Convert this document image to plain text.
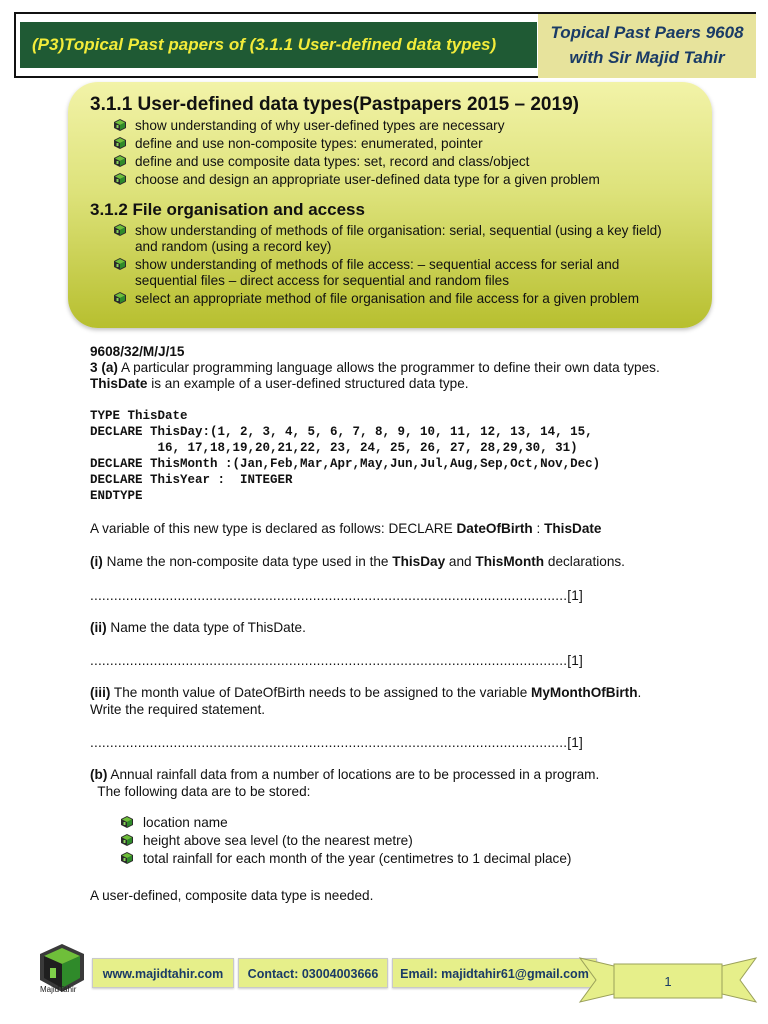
(P3)Topical Past papers of (3.1.1 User-defined data types)
Topical Past Paers 9608
with Sir Majid Tahir
3.1.1 User-defined data types(Pastpapers 2015 – 2019)
show understanding of why user-defined types are necessary
define and use non-composite types: enumerated, pointer
define and use composite data types: set, record and class/object
choose and design an appropriate user-defined data type for a given problem
3.1.2 File organisation and access
show understanding of methods of file organisation: serial, sequential (using a key field)
and random (using a record key)
show understanding of methods of file access: – sequential access for serial and
sequential files – direct access for sequential and random files
select an appropriate method of file organisation and file access for a given problem
9608/32/M/J/15
3 (a) A particular programming language allows the programmer to define their own data types.
ThisDate is an example of a user-defined structured data type.
TYPE ThisDate
DECLARE ThisDay:(1, 2, 3, 4, 5, 6, 7, 8, 9, 10, 11, 12, 13, 14, 15,
16, 17,18,19,20,21,22, 23, 24, 25, 26, 27, 28,29,30, 31)
DECLARE ThisMonth :(Jan,Feb,Mar,Apr,May,Jun,Jul,Aug,Sep,Oct,Nov,Dec)
DECLARE ThisYear :  INTEGER
ENDTYPE
A variable of this new type is declared as follows: DECLARE DateOfBirth : ThisDate
(i) Name the non-composite data type used in the ThisDay and ThisMonth declarations.
........................................................................................................................[1]
(ii) Name the data type of ThisDate.
........................................................................................................................[1]
(iii) The month value of DateOfBirth needs to be assigned to the variable MyMonthOfBirth.
Write the required statement.
........................................................................................................................[1]
(b) Annual rainfall data from a number of locations are to be processed in a program.
The following data are to be stored:
location name
height above sea level (to the nearest metre)
total rainfall for each month of the year (centimetres to 1 decimal place)
A user-defined, composite data type is needed.
MajidTahir
www.majidtahir.com	Contact: 03004003666	Email: majidtahir61@gmail.com	1
